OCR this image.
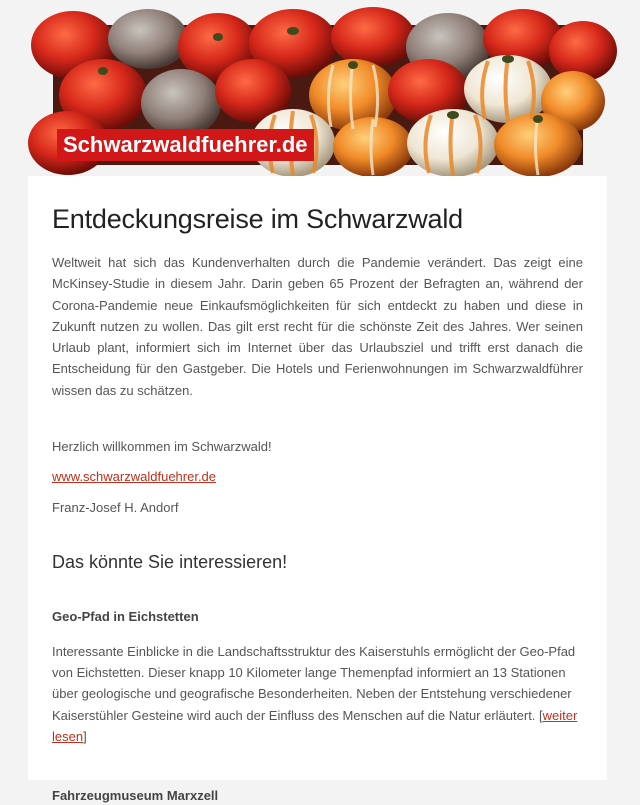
Schwarzwaldfuehrer.de
Entdeckungsreise im Schwarzwald

Weltweit hat sich das Kundenverhalten durch die Pandemie verändert. Das zeigt eine McKinsey-Studie in diesem Jahr. Darin geben 65 Prozent der Befragten an, während der Corona-Pandemie neue Einkaufsmöglichkeiten für sich entdeckt zu haben und diese in Zukunft nutzen zu wollen. Das gilt erst recht für die schönste Zeit des Jahres. Wer seinen Urlaub plant, informiert sich im Internet über das Urlaubsziel und trifft erst danach die Entscheidung für den Gastgeber. Die Hotels und Ferienwohnungen im Schwarzwaldführer wissen das zu schätzen.

Herzlich willkommen im Schwarzwald!

www.schwarzwaldfuehrer.de

Franz-Josef H. Andorf

Das könnte Sie interessieren!
Geo-Pfad in Eichstetten

Interessante Einblicke in die Landschaftsstruktur des Kaiserstuhls ermöglicht der Geo-Pfad von Eichstetten. Dieser knapp 10 Kilometer lange Themenpfad informiert an 13 Stationen über geologische und geografische Besonderheiten. Neben der Entstehung verschiedener Kaiserstühler Gesteine wird auch der Einfluss des Menschen auf die Natur erläutert. [weiter lesen]

Fahrzeugmuseum Marxzell
